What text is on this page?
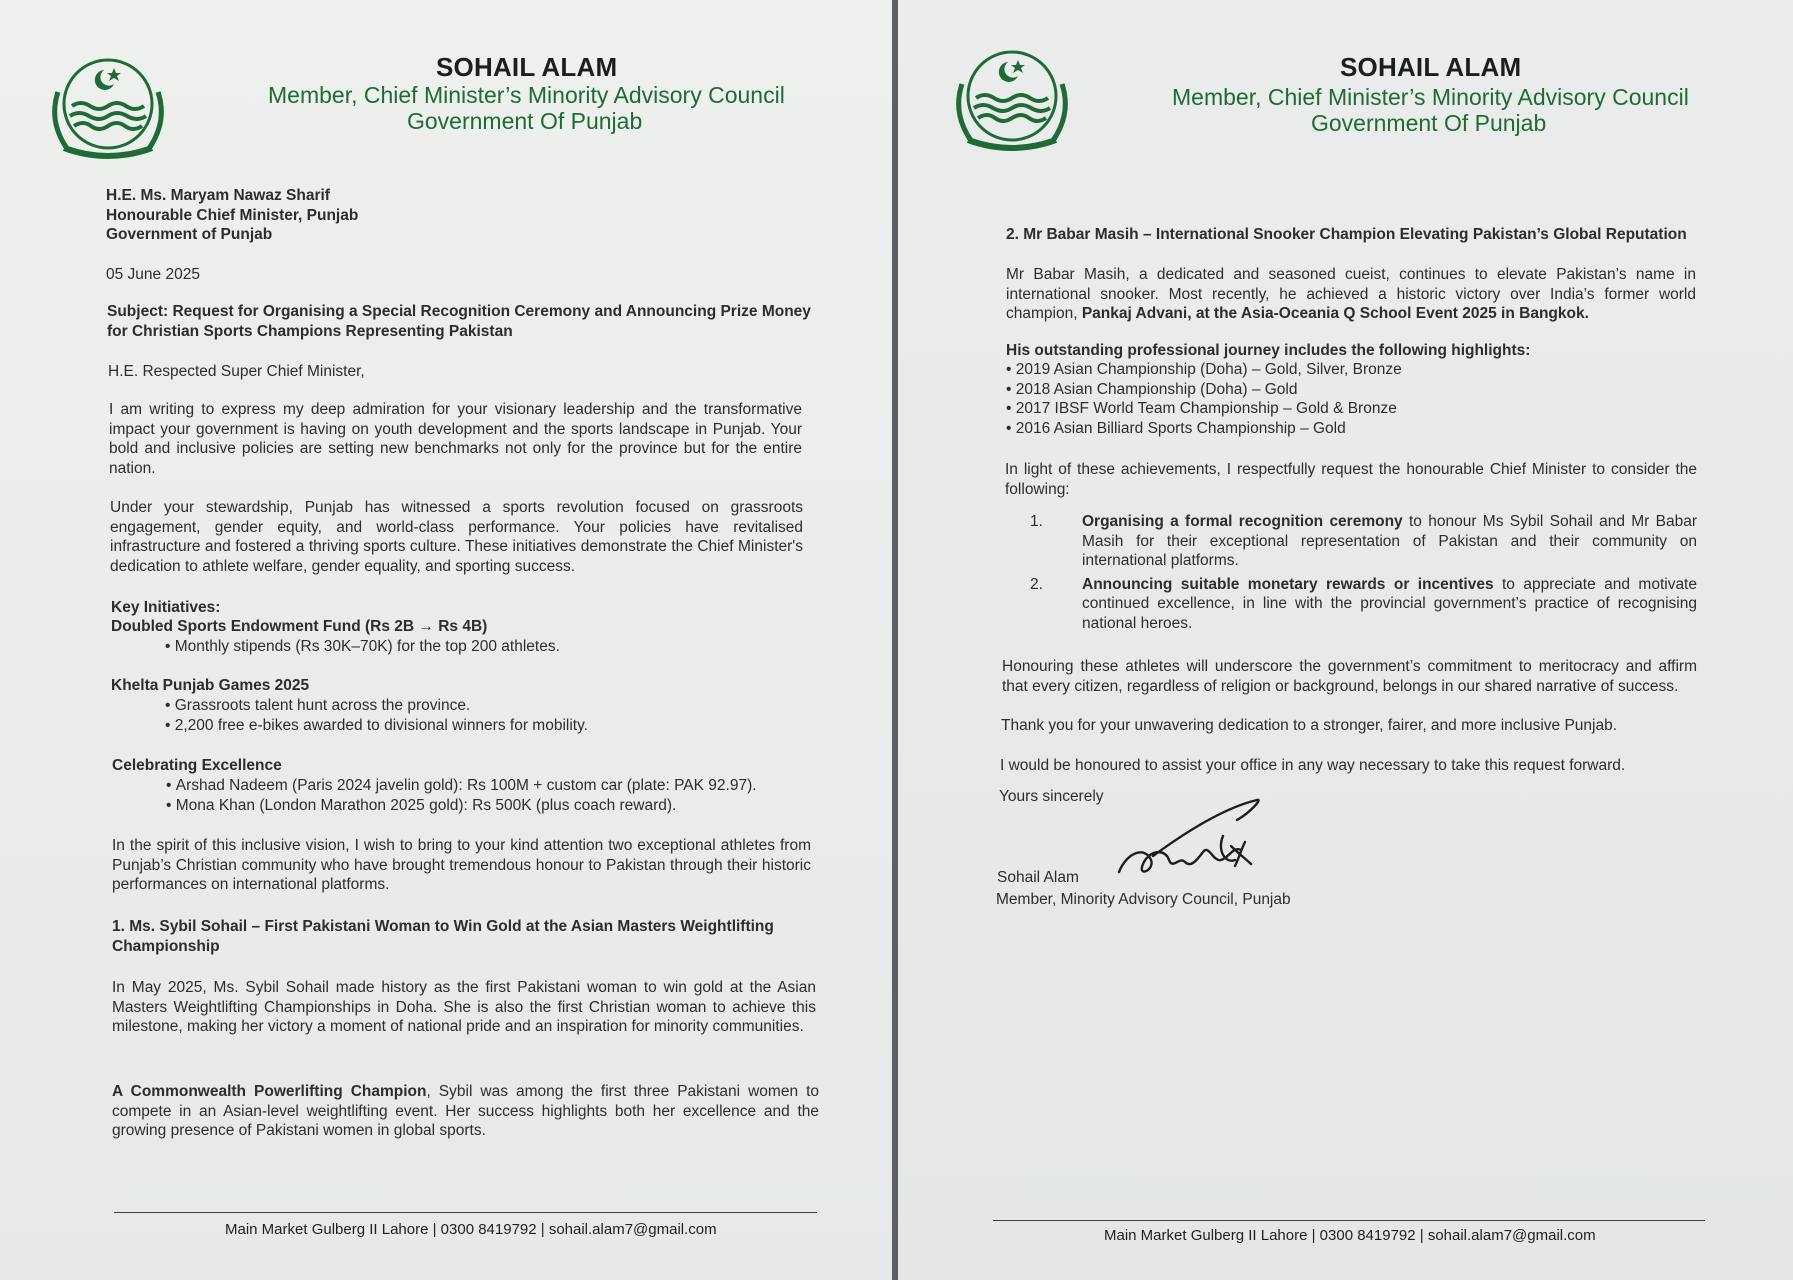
SOHAIL ALAM
Member, Chief Minister’s Minority Advisory Council
Government Of Punjab
H.E. Ms. Maryam Nawaz Sharif
Honourable Chief Minister, Punjab
Government of Punjab
05 June 2025
Subject: Request for Organising a Special Recognition Ceremony and Announcing Prize Money for Christian Sports Champions Representing Pakistan
H.E. Respected Super Chief Minister,
I am writing to express my deep admiration for your visionary leadership and the transformative impact your government is having on youth development and the sports landscape in Punjab. Your bold and inclusive policies are setting new benchmarks not only for the province but for the entire nation.
Under your stewardship, Punjab has witnessed a sports revolution focused on grassroots engagement, gender equity, and world-class performance. Your policies have revitalised infrastructure and fostered a thriving sports culture. These initiatives demonstrate the Chief Minister's dedication to athlete welfare, gender equality, and sporting success.
Key Initiatives:
Doubled Sports Endowment Fund (Rs 2B → Rs 4B)
• Monthly stipends (Rs 30K–70K) for the top 200 athletes.
Khelta Punjab Games 2025
• Grassroots talent hunt across the province.
• 2,200 free e-bikes awarded to divisional winners for mobility.
Celebrating Excellence
• Arshad Nadeem (Paris 2024 javelin gold): Rs 100M + custom car (plate: PAK 92.97).
• Mona Khan (London Marathon 2025 gold): Rs 500K (plus coach reward).
In the spirit of this inclusive vision, I wish to bring to your kind attention two exceptional athletes from Punjab’s Christian community who have brought tremendous honour to Pakistan through their historic performances on international platforms.
1. Ms. Sybil Sohail – First Pakistani Woman to Win Gold at the Asian Masters Weightlifting Championship
In May 2025, Ms. Sybil Sohail made history as the first Pakistani woman to win gold at the Asian Masters Weightlifting Championships in Doha. She is also the first Christian woman to achieve this milestone, making her victory a moment of national pride and an inspiration for minority communities.
A Commonwealth Powerlifting Champion, Sybil was among the first three Pakistani women to compete in an Asian-level weightlifting event. Her success highlights both her excellence and the growing presence of Pakistani women in global sports.
Main Market Gulberg II Lahore | 0300 8419792 | sohail.alam7@gmail.com
SOHAIL ALAM
Member, Chief Minister’s Minority Advisory Council
Government Of Punjab
2. Mr Babar Masih – International Snooker Champion Elevating Pakistan’s Global Reputation
Mr Babar Masih, a dedicated and seasoned cueist, continues to elevate Pakistan’s name in international snooker. Most recently, he achieved a historic victory over India’s former world champion, Pankaj Advani, at the Asia-Oceania Q School Event 2025 in Bangkok.
His outstanding professional journey includes the following highlights:
• 2019 Asian Championship (Doha) – Gold, Silver, Bronze
• 2018 Asian Championship (Doha) – Gold
• 2017 IBSF World Team Championship – Gold & Bronze
• 2016 Asian Billiard Sports Championship – Gold
In light of these achievements, I respectfully request the honourable Chief Minister to consider the following:
1.	Organising a formal recognition ceremony to honour Ms Sybil Sohail and Mr Babar Masih for their exceptional representation of Pakistan and their community on international platforms.
2.	Announcing suitable monetary rewards or incentives to appreciate and motivate continued excellence, in line with the provincial government’s practice of recognising national heroes.
Honouring these athletes will underscore the government’s commitment to meritocracy and affirm that every citizen, regardless of religion or background, belongs in our shared narrative of success.
Thank you for your unwavering dedication to a stronger, fairer, and more inclusive Punjab.
I would be honoured to assist your office in any way necessary to take this request forward.
Yours sincerely
Sohail Alam
Member, Minority Advisory Council, Punjab
Main Market Gulberg II Lahore | 0300 8419792 | sohail.alam7@gmail.com
